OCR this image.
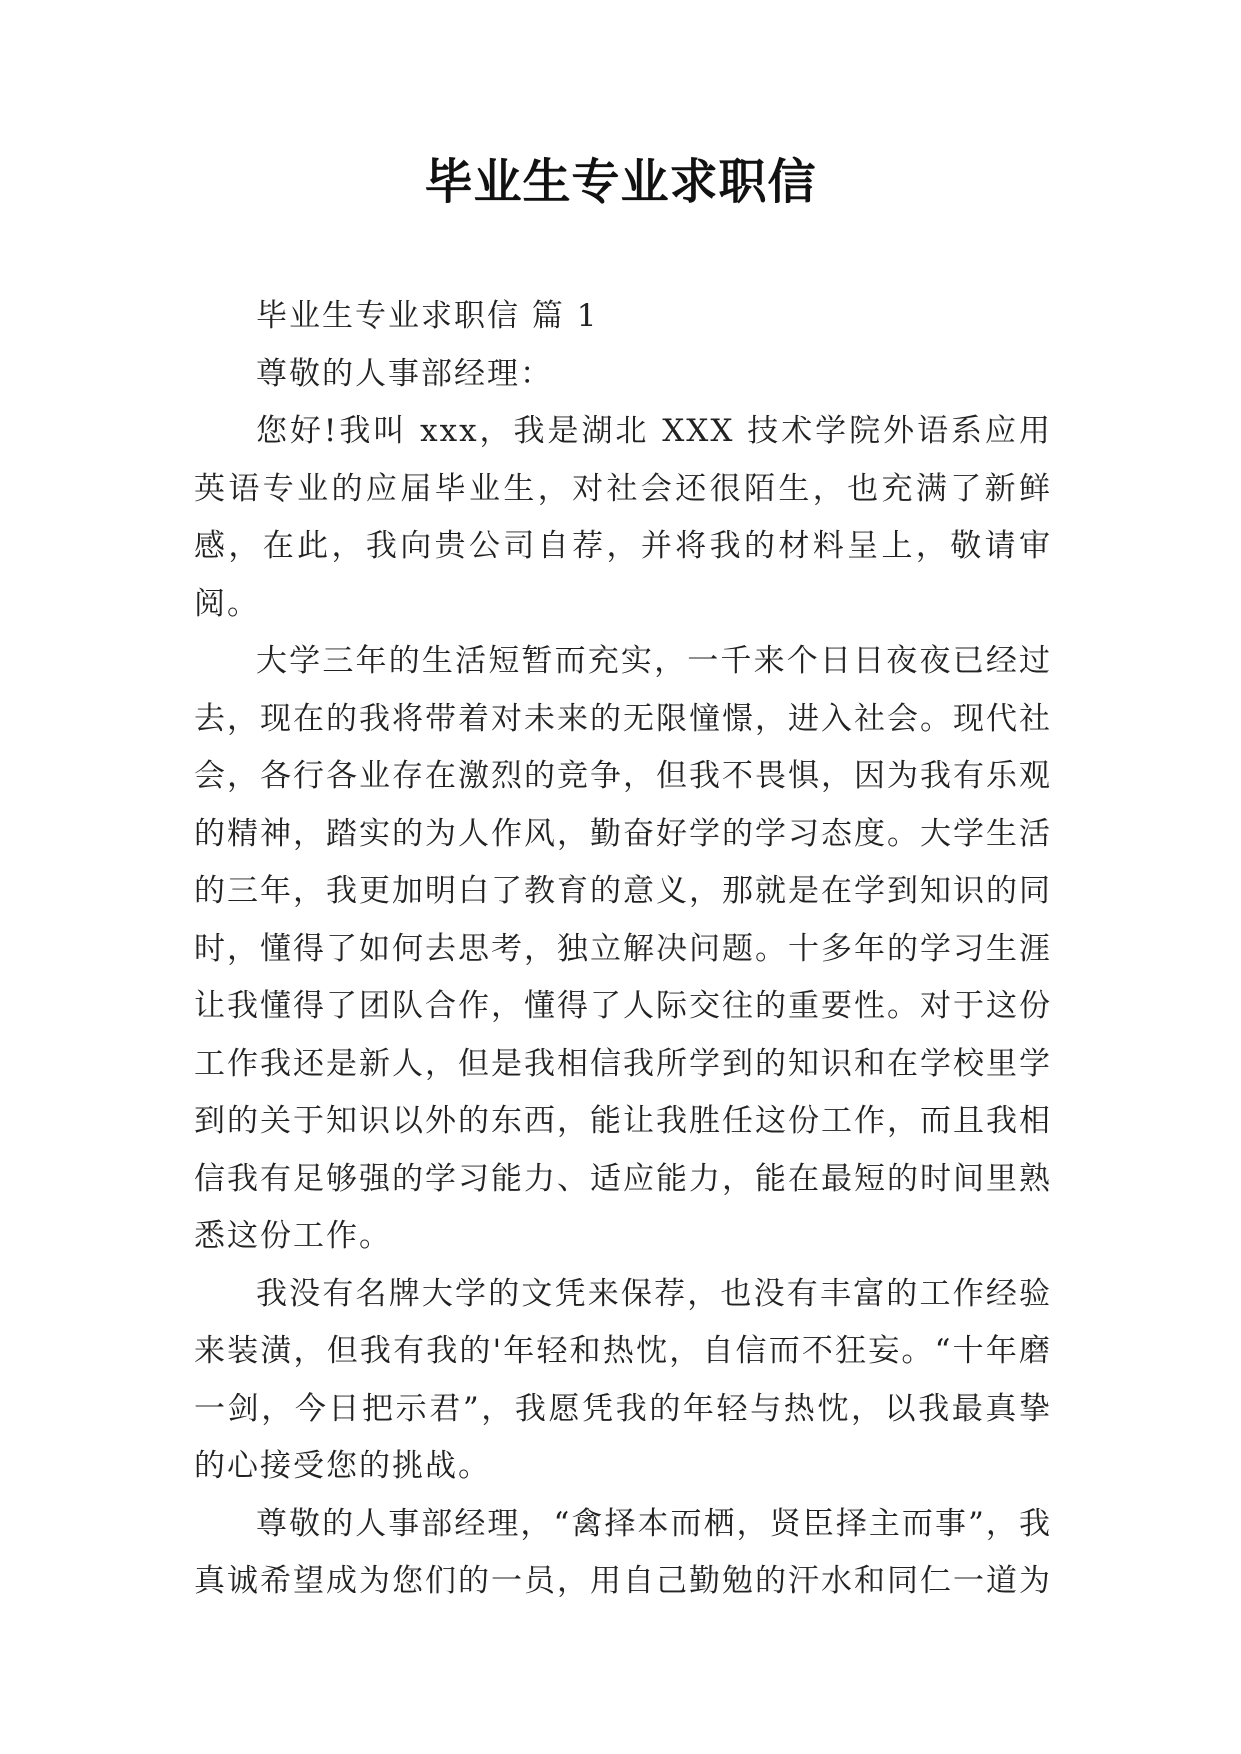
毕业生专业求职信

毕业生专业求职信 篇 1

尊敬的人事部经理：

您好!我叫 xxx，我是湖北 XXX 技术学院外语系应用英语专业的应届毕业生，对社会还很陌生，也充满了新鲜感，在此，我向贵公司自荐，并将我的材料呈上，敬请审阅。

大学三年的生活短暂而充实，一千来个日日夜夜已经过去，现在的我将带着对未来的无限憧憬，进入社会。现代社会，各行各业存在激烈的竞争，但我不畏惧，因为我有乐观的精神，踏实的为人作风，勤奋好学的学习态度。大学生活的三年，我更加明白了教育的意义，那就是在学到知识的同时，懂得了如何去思考，独立解决问题。十多年的学习生涯让我懂得了团队合作，懂得了人际交往的重要性。对于这份工作我还是新人，但是我相信我所学到的知识和在学校里学到的关于知识以外的东西，能让我胜任这份工作，而且我相信我有足够强的学习能力、适应能力，能在最短的时间里熟悉这份工作。

我没有名牌大学的文凭来保荐，也没有丰富的工作经验来装潢，但我有我的'年轻和热忱，自信而不狂妄。“十年磨一剑，今日把示君”，我愿凭我的年轻与热忱，以我最真挚的心接受您的挑战。

尊敬的人事部经理，“禽择本而栖，贤臣择主而事”，我真诚希望成为您们的一员，用自己勤勉的汗水和同仁一道为
